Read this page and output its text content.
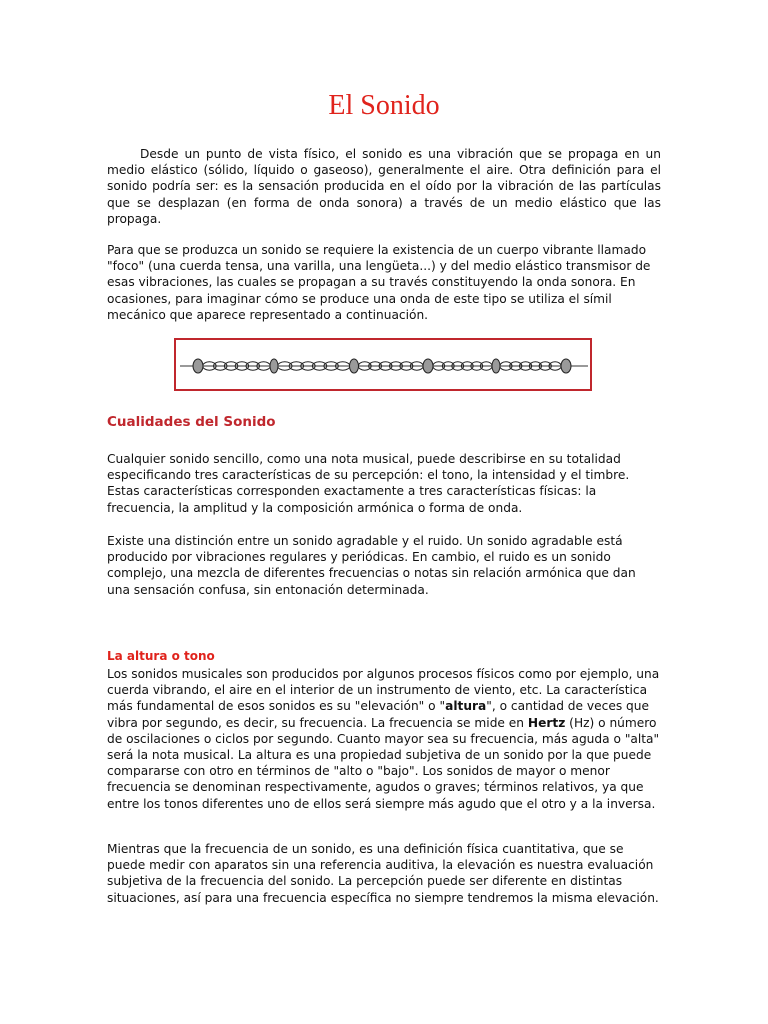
El Sonido

Desde un punto de vista físico, el sonido es una vibración que se propaga en un medio elástico (sólido, líquido o gaseoso), generalmente el aire. Otra definición para el sonido podría ser: es la sensación producida en el oído por la vibración de las partículas que se desplazan (en forma de onda sonora) a través de un medio elástico que las propaga.

Para que se produzca un sonido se requiere la existencia de un cuerpo vibrante llamado "foco" (una cuerda tensa, una varilla, una lengüeta...) y del medio elástico transmisor de esas vibraciones, las cuales se propagan a su través constituyendo la onda sonora. En ocasiones, para imaginar cómo se produce una onda de este tipo se utiliza el símil mecánico que aparece representado a continuación.

Cualidades del Sonido

Cualquier sonido sencillo, como una nota musical, puede describirse en su totalidad especificando tres características de su percepción: el tono, la intensidad y el timbre. Estas características corresponden exactamente a tres características físicas: la frecuencia, la amplitud y la composición armónica o forma de onda.

Existe una distinción entre un sonido agradable y el ruido. Un sonido agradable está producido por vibraciones regulares y periódicas. En cambio, el ruido es un sonido complejo, una mezcla de diferentes frecuencias o notas sin relación armónica que dan una sensación confusa, sin entonación determinada.

La altura o tono

Los sonidos musicales son producidos por algunos procesos físicos como por ejemplo, una cuerda vibrando, el aire en el interior de un instrumento de viento, etc. La característica más fundamental de esos sonidos es su "elevación" o "altura", o cantidad de veces que vibra por segundo, es decir, su frecuencia. La frecuencia se mide en Hertz (Hz) o número de oscilaciones o ciclos por segundo. Cuanto mayor sea su frecuencia, más aguda o "alta" será la nota musical. La altura es una propiedad subjetiva de un sonido por la que puede compararse con otro en términos de "alto o "bajo". Los sonidos de mayor o menor frecuencia se denominan respectivamente, agudos o graves; términos relativos, ya que entre los tonos diferentes uno de ellos será siempre más agudo que el otro y a la inversa.

Mientras que la frecuencia de un sonido, es una definición física cuantitativa, que se puede medir con aparatos sin una referencia auditiva, la elevación es nuestra evaluación subjetiva de la frecuencia del sonido. La percepción puede ser diferente en distintas situaciones, así para una frecuencia específica no siempre tendremos la misma elevación.
